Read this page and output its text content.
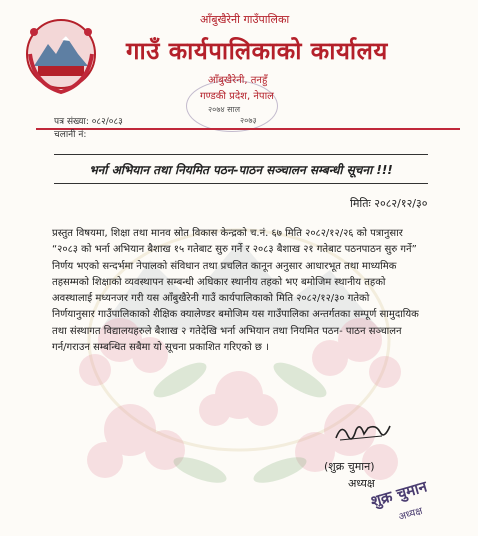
आँबुखैरेनी गाउँपालिका
गाउँ कार्यपालिकाको कार्यालय
आँबुखैरेनी, तनहुँ
गण्डकी प्रदेश, नेपाल
२०७४ साल
२०७३
पत्र संख्या: ०८२/०८३
चलानी नं:
भर्ना अभियान तथा नियमित पठन-पाठन सञ्चालन सम्बन्धी सूचना !!!
मितिः २०८२/१२/३०
प्रस्तुत विषयमा, शिक्षा तथा मानव स्रोत विकास केन्द्रको च.नं. ६७ मिति २०८२/१२/२६ को पत्रानुसार
“२०८३ को भर्ना अभियान बैशाख १५ गतेबाट सुरु गर्ने र २०८३ बैशाख २१ गतेबाट पठनपाठन सुरु गर्ने”
निर्णय भएको सन्दर्भमा नेपालको संविधान तथा प्रचलित कानून अनुसार आधारभूत तथा माध्यमिक
तहसम्मको शिक्षाको व्यवस्थापन सम्बन्धी अधिकार स्थानीय तहको भए बमोजिम स्थानीय तहको
अवस्थालाई मध्यनजर गरी यस आँबुखैरेनी गाउँ कार्यपालिकाको मिति २०८२/१२/३० गतेको
निर्णयानुसार गाउँपालिकाको शैक्षिक क्यालेण्डर बमोजिम यस गाउँपालिका अन्तर्गतका सम्पूर्ण सामुदायिक
तथा संस्थागत विद्यालयहरुले बैशाख २ गतेदेखि भर्ना अभियान तथा नियमित पठन- पाठन सञ्चालन
गर्न/गराउन सम्बन्धित सबैमा यो सूचना प्रकाशित गरिएको छ ।
(शुक्र चुमान)
अध्यक्ष
शुक्र चुमान
अध्यक्ष
